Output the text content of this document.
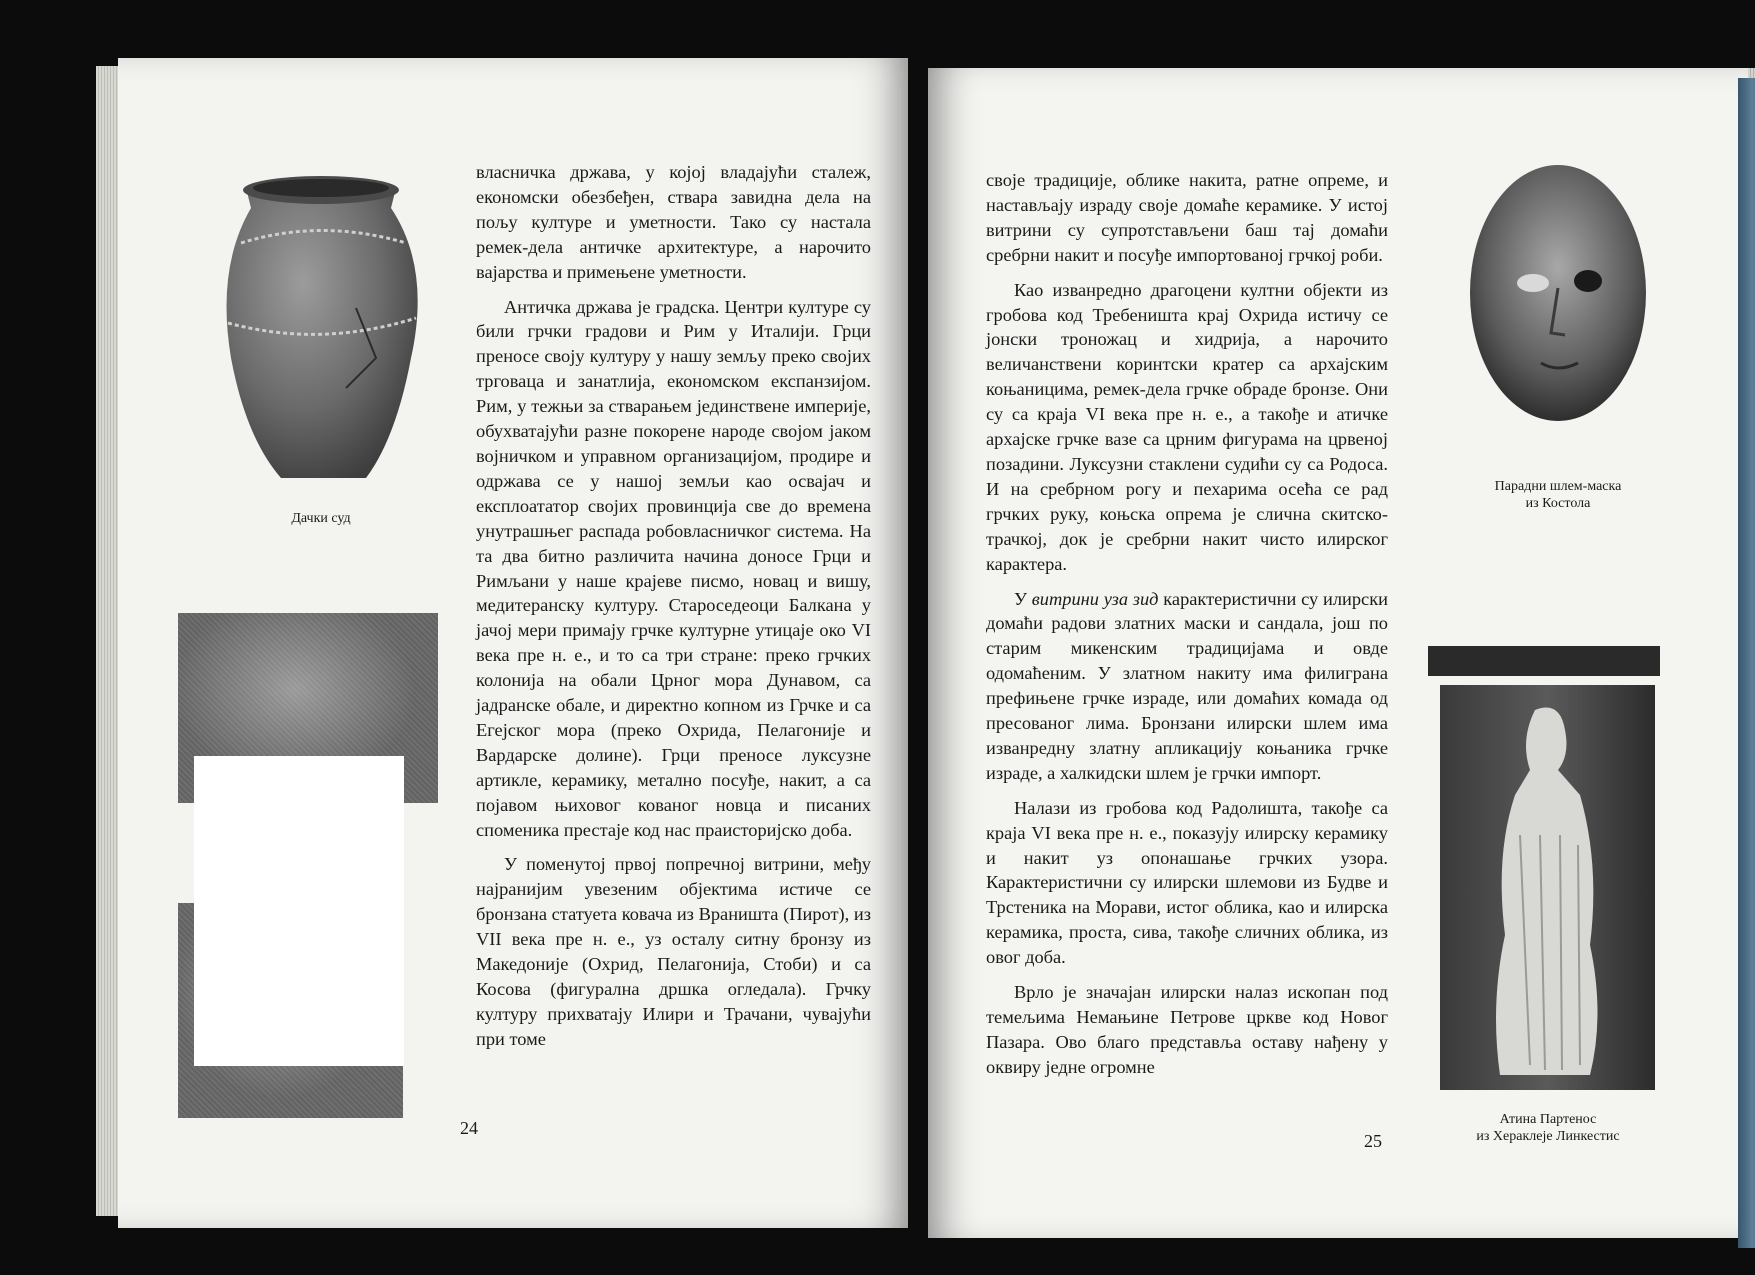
Дачки суд

власничка држава, у којој владајући сталеж, економски обезбеђен, ствара завидна дела на пољу културе и уметности. Тако су настала ремек-дела античке архитектуре, а нарочито вајарства и примењене уметности.

Античка држава је градска. Центри културе су били грчки градови и Рим у Италији. Грци преносе своју културу у нашу земљу преко својих трговаца и занатлија, економском експанзијом. Рим, у тежњи за стварањем јединствене империје, обухватајући разне покорене народе својом јаком војничком и управном организацијом, продире и одржава се у нашој земљи као освајач и експлоататор својих провинција све до времена унутрашњег распада робовласничког система. На та два битно различита начина доносе Грци и Римљани у наше крајеве писмо, новац и вишу, медитеранску културу. Староседеоци Балкана у јачој мери примају грчке културне утицаје око VI века пре н. е., и то са три стране: преко грчких колонија на обали Црног мора Дунавом, са јадранске обале, и директно копном из Грчке и са Егејског мора (преко Охрида, Пелагоније и Вардарске долине). Грци преносе луксузне артикле, керамику, метално посуђе, накит, а са појавом њиховог кованог новца и писаних споменика престаје код нас праисторијско доба.

У поменутој првој попречној витрини, међу најранијим увезеним објектима истиче се бронзана статуета ковача из Враништа (Пирот), из VII века пре н. е., уз осталу ситну бронзу из Македоније (Охрид, Пелагонија, Стоби) и са Косова (фигурална дршка огледала). Грчку културу прихватају Илири и Трачани, чувајући при томе

24

своје традиције, облике накита, ратне опреме, и настављају израду своје домаће керамике. У истој витрини су супротстављени баш тај домаћи сребрни накит и посуђе импортованој грчкој роби.

Као изванредно драгоцени култни објекти из гробова код Требеништа крај Охрида истичу се јонски троножац и хидрија, а нарочито величанствени коринтски кратер са архајским коњаницима, ремек-дела грчке обраде бронзе. Они су са краја VI века пре н. е., а такође и атичке архајске грчке вазе са црним фигурама на црвеној позадини. Луксузни стаклени судићи су са Родоса. И на сребрном рогу и пехарима осећа се рад грчких руку, коњска опрема је слична скитско-трачкој, док је сребрни накит чисто илирског карактера.

У витрини уза зид карактеристични су илирски домаћи радови златних маски и сандала, још по старим микенским традицијама и овде одомаћеним. У златном накиту има филиграна префињене грчке израде, или домаћих комада од пресованог лима. Бронзани илирски шлем има изванредну златну апликацију коњаника грчке израде, а халкидски шлем је грчки импорт.

Налази из гробова код Радолишта, такође са краја VI века пре н. е., показују илирску керамику и накит уз опонашање грчких узора. Карактеристични су илирски шлемови из Будве и Трстеника на Морави, истог облика, као и илирска керамика, проста, сива, такође сличних облика, из овог доба.

Врло је значајан илирски налаз ископан под темељима Немањине Петрове цркве код Новог Пазара. Ово благо представља оставу нађену у оквиру једне огромне

Парадни шлем-маска
из Костола
Атина Партенос
из Хераклеје Линкестис
25
